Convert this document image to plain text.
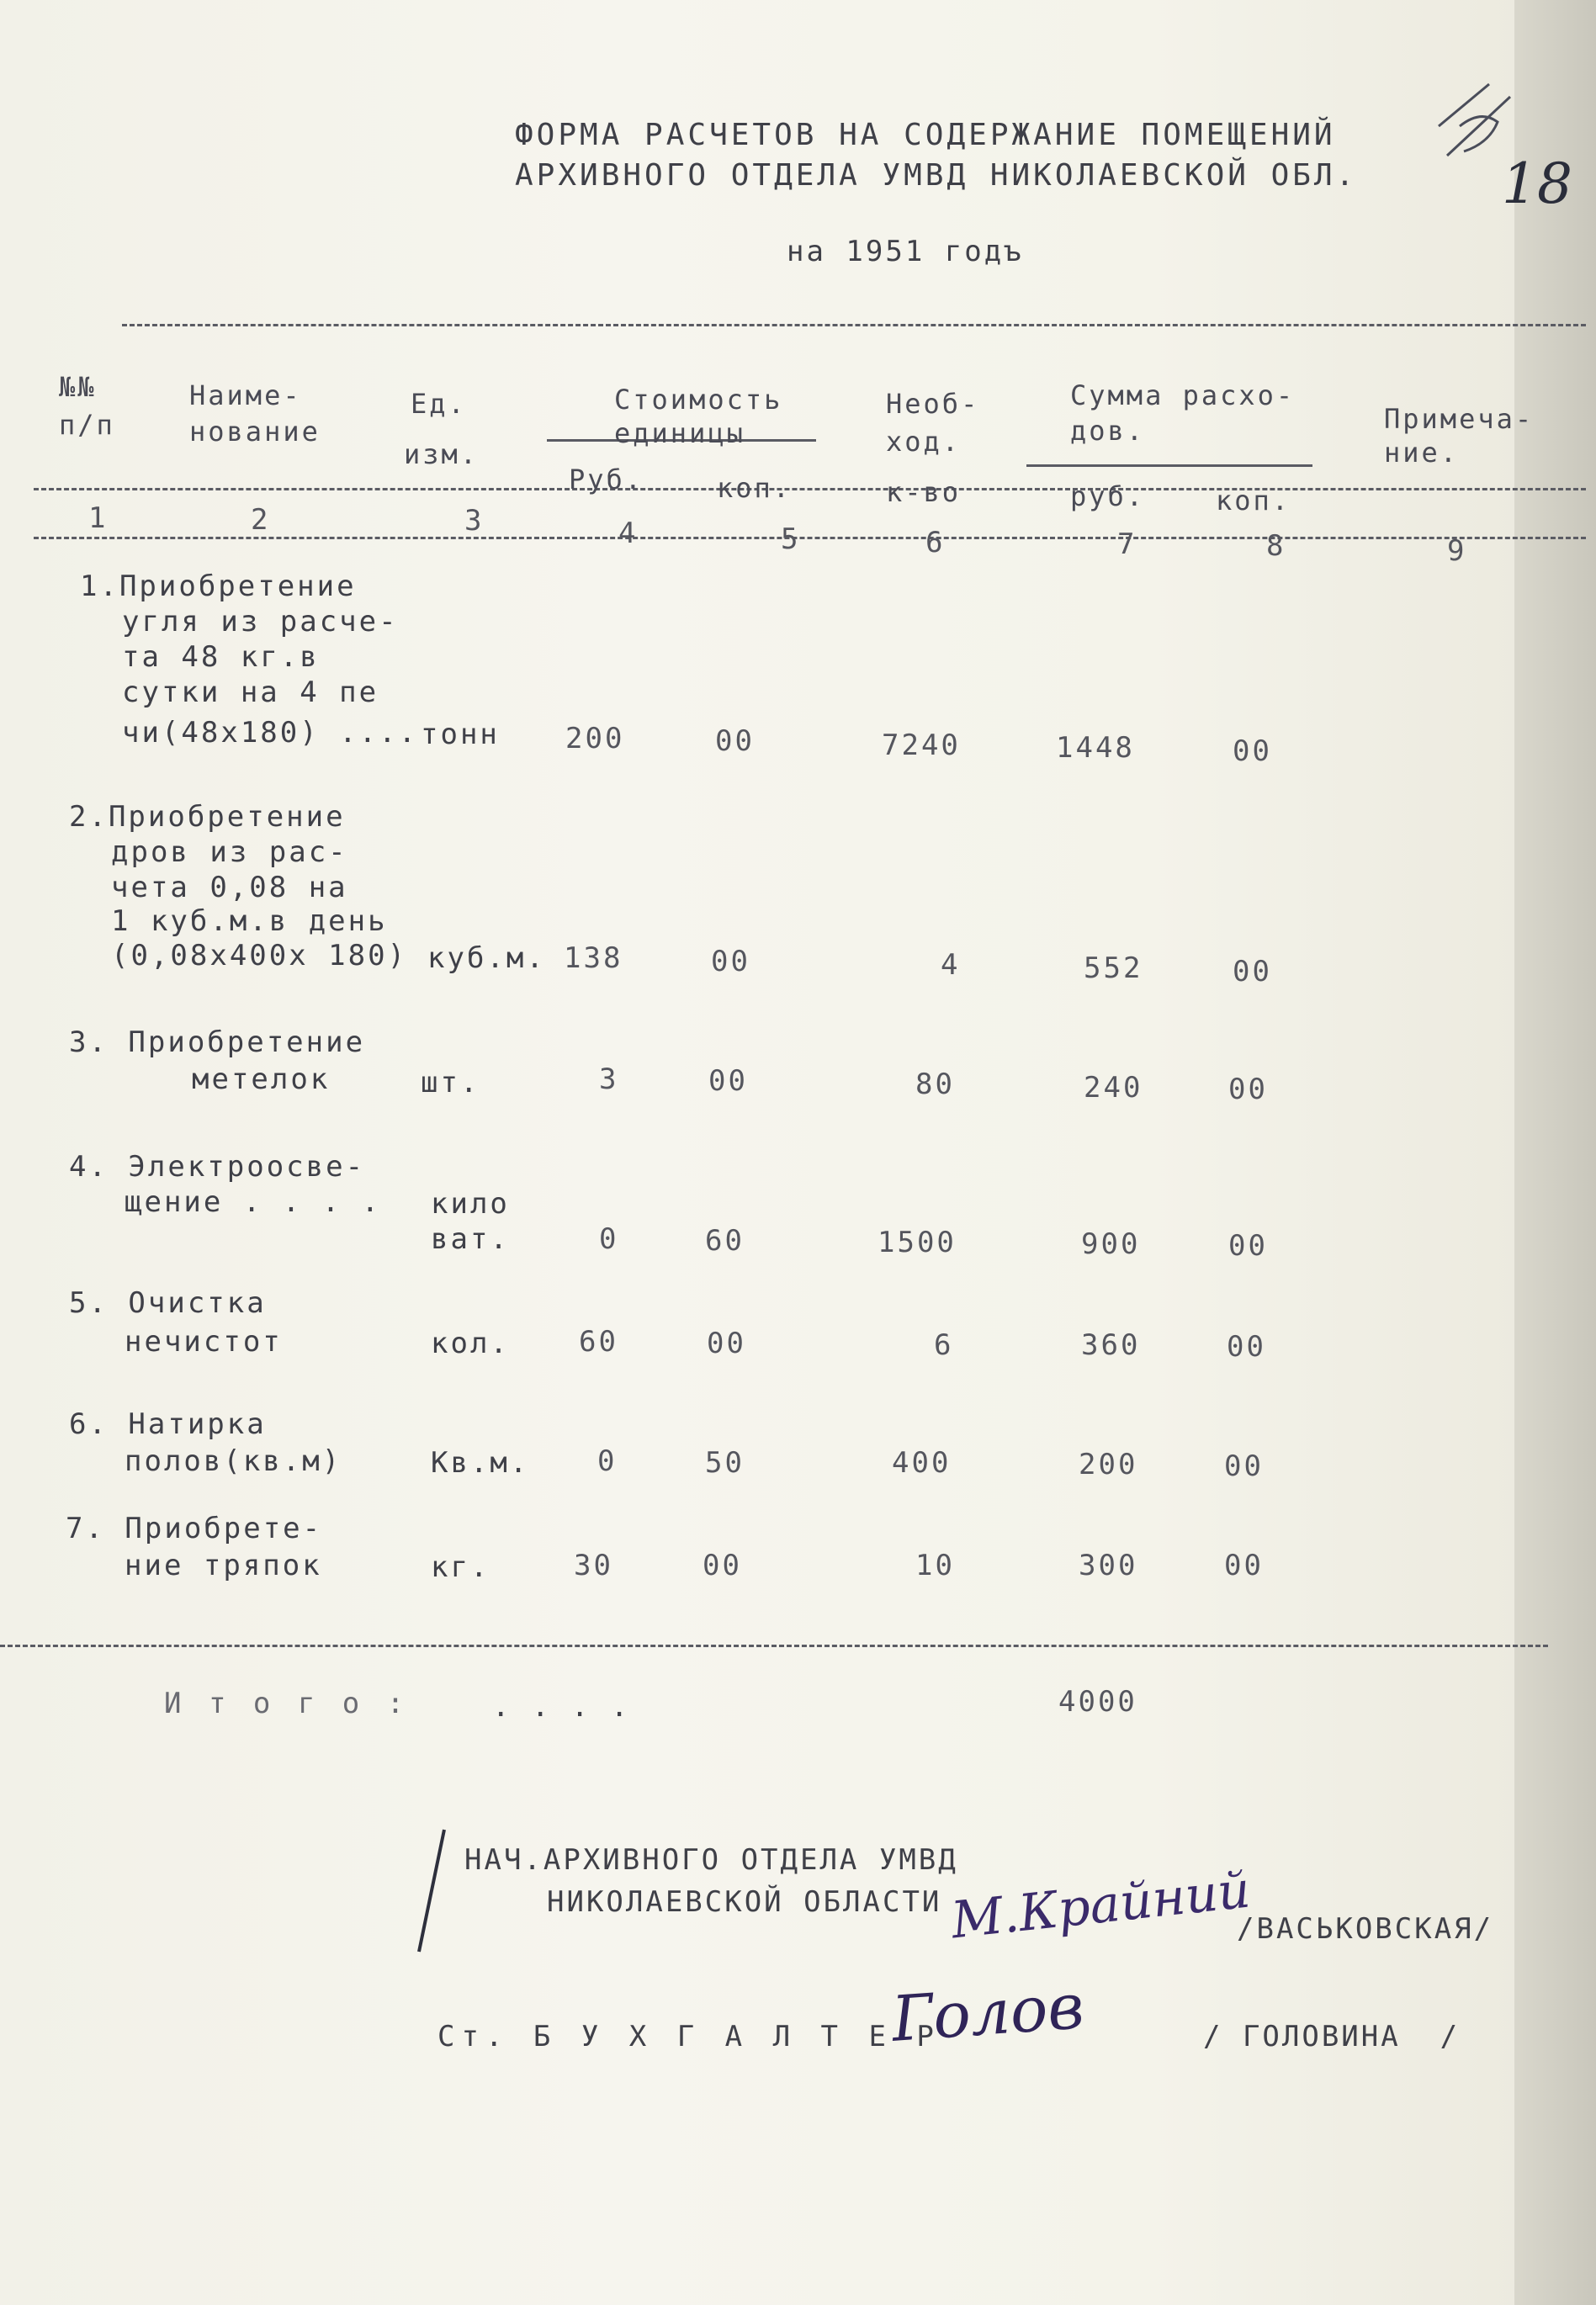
ФОРМА РАСЧЕТОВ НА СОДЕРЖАНИЕ ПОМЕЩЕНИЙ
АРХИВНОГО ОТДЕЛА УМВД НИКОЛАЕВСКОЙ ОБЛ.
на 1951 годъ
18
№№
п/п
Наиме-
нование
Ед.
изм.
Стоимость
единицы
Руб.	коп.
Необ-
ход.
к-во
Сумма расхо-
дов.
руб.	коп.
Примеча-
ние.
1	2	3	4	5	6	7	8	9
1.Приобретение
угля из расче-
та 48 кг.в
сутки на 4 пе
чи(48х180) .... тонн 200	00	7240	1448	00
2.Приобретение
дров из рас-
чета 0,08 на
1 куб.м.в день
(0,08х400х 180) куб.м. 138	00	4	552	00
3. Приобретение
метелок	шт.	3	00	80	240	00
4. Электроосве-
щение . . . . кило
ват.	0	60	1500	900	00
5. Очистка
нечистот	кол. 60	00	6	360	00
6. Натирка
полов(кв.м)	Кв.м. 0	50	400	200	00
7. Приобрете-
ние тряпок	кг.	30	00	10	300	00
И т о г о :	. . . .	4000
НАЧ.АРХИВНОГО ОТДЕЛА УМВД
НИКОЛАЕВСКОЙ ОБЛАСТИ М.Крайний
/ВАСЬКОВСКАЯ/
Ст. Б У Х Г А Л Т Е Р
Голов	/ ГОЛОВИНА  /
